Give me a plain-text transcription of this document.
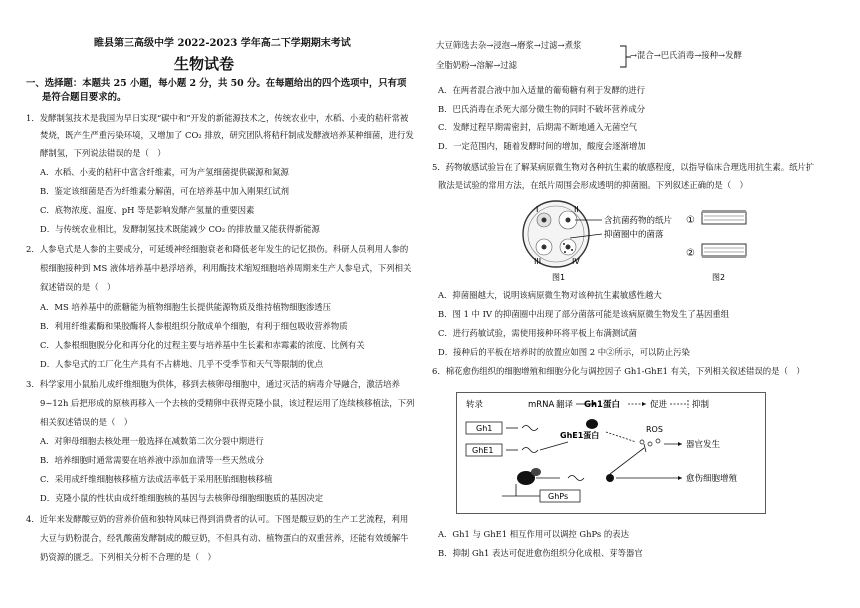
睢县第三高级中学 2022-2023 学年高二下学期期末考试
生物试卷
一、选择题：本题共 25 小题，每小题 2 分，共 50 分。在每题给出的四个选项中，只有项
是符合题目要求的。
1．发酵制氢技术是我国为早日实现“碳中和”开发的新能源技术之，传统农业中，水稻、小麦的秸秆常被
焚烧，既产生严重污染环境，又增加了 CO₂ 排放，研究团队将秸秆制成发酵液培养某种细菌，进行发
酵制氢，下列说法错误的是（　）
A．水稻、小麦的秸秆中富含纤维素，可为产氢细菌提供碳源和氮源
B．鉴定该细菌是否为纤维素分解菌，可在培养基中加入刚果红试剂
C．底物浓度、温度、pH 等是影响发酵产氢量的重要因素
D．与传统农业相比，发酵制氢技术既能减少 CO₂ 的排放量又能获得新能源
2．人参皂式是人参的主要成分，可延缓神经细胞衰老和降低老年发生的记忆损伤。科研人员利用人参的
根细胞接种到 MS 液体培养基中悬浮培养，利用酶技术缩短细胞培养周期来生产人参皂式，下列相关
叙述错误的是（　）
A．MS 培养基中的蔗糖能为植物细胞生长提供能源物质及维持植物细胞渗透压
B．利用纤维素酶和果胶酶将人参根组织分散成单个细胞，有利于细包吸收营养物质
C．人参根细胞脱分化和再分化的过程主要与培养基中生长素和赤霉素的浓度、比例有关
D．人参皂式的工厂化生产具有不占耕地、几乎不受季节和天气等限制的优点
3．科学家用小鼠胎儿成纤维细胞为供体，移到去核卵母细胞中，通过灭活的病毒介导融合，激活培养
9~12h 后把形成的原核再移入一个去核的受精卵中获得克隆小鼠，该过程运用了连续核移植法，下列
相关叙述错误的是（　）
A．对卵母细胞去核处理一般选择在减数第二次分裂中期进行
B．培养细胞时通常需要在培养液中添加血清等一些天然成分
C．采用成纤维细胞核移植方法成活率低于采用胚胎细胞核移植
D．克隆小鼠的性状由成纤维细胞核的基因与去核卵母细胞细胞质的基因决定
4．近年来发酵酸豆奶的营养价值和独特风味已得到消费者的认可。下图是酸豆奶的生产工艺流程，利用
大豆与奶粉混合，经乳酸菌发酵制成的酸豆奶，不但具有动、植物蛋白的双重营养，还能有效缓解牛
奶资源的匮乏。下列相关分析不合理的是（　）
大豆筛选去杂→浸泡→磨浆→过滤→煮浆
全脂奶粉→溶解→过滤
→混合→巴氏消毒→接种→发酵
A．在两者混合液中加入适量的葡萄糖有利于发酵的进行
B．巴氏消毒在杀死大部分微生物的同时不破坏营养成分
C．发酵过程早期需密封，后期需不断地通入无菌空气
D．一定范围内，随着发酵时间的增加，酸度会逐渐增加
5．药物敏感试验旨在了解某病原微生物对各种抗生素的敏感程度，以指导临床合理选用抗生素。纸片扩
散法是试验的常用方法，在纸片周围会形成透明的抑菌圈。下列叙述正确的是（　）
I	II
III	IV
含抗菌药物的纸片
抑菌圈中的菌落
图1
①
②
图2
A．抑菌圈越大，说明该病原微生物对该种抗生素敏感性越大
B．图 1 中 IV 的抑菌圈中出现了部分菌落可能是该病原微生物发生了基因重组
C．进行药敏试验，需使用接种环将平板上布满测试菌
D．接种后的平板在培养时的放置应如图 2 中②所示，可以防止污染
6．棉花愈伤组织的细胞增殖和细胞分化与调控因子 Gh1-GhE1 有关，下列相关叙述错误的是（　）
转录	mRNA 翻译 Gh1蛋白	促进	抑制
Gh1
GhE1蛋白
GhE1
ROS
器官发生
愈伤细胞增殖
GhPs
A．Gh1 与 GhE1 相互作用可以调控 GhPs 的表达
B．抑制 Gh1 表达可促进愈伤组织分化成根、芽等器官
